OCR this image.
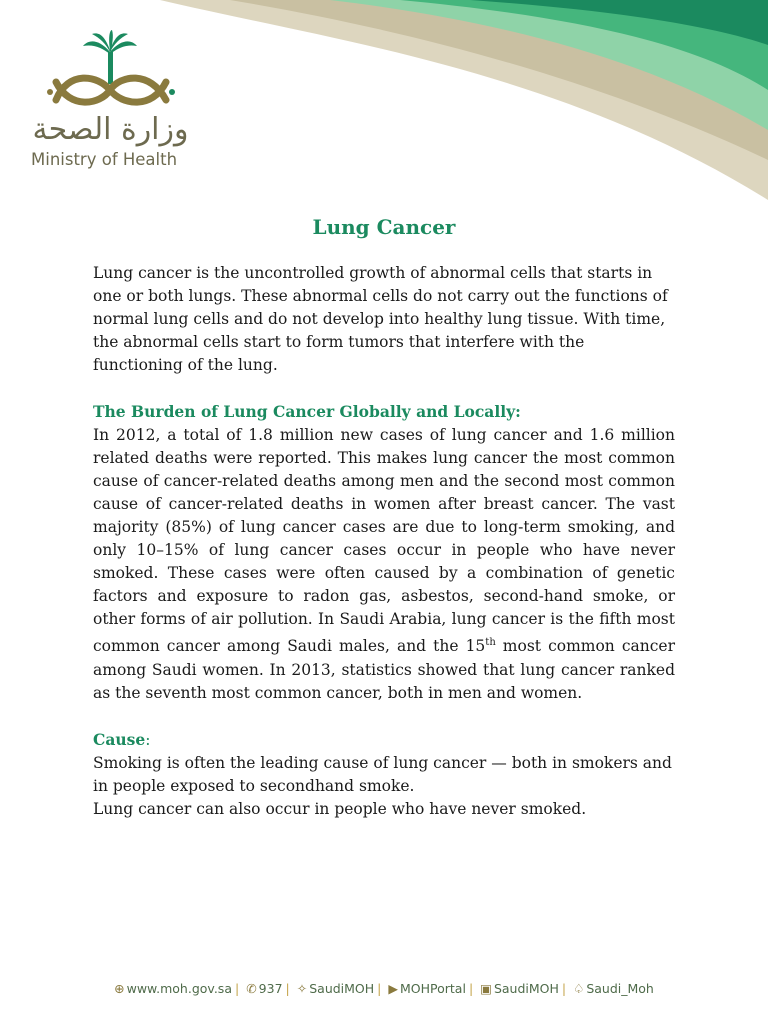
وزارة الصحة
Ministry of Health
Lung Cancer

Lung cancer is the uncontrolled growth of abnormal cells that starts in one or both lungs. These abnormal cells do not carry out the functions of normal lung cells and do not develop into healthy lung tissue. With time, the abnormal cells start to form tumors that interfere with the functioning of the lung.

The Burden of Lung Cancer Globally and Locally:

In 2012, a total of 1.8 million new cases of lung cancer and 1.6 million related deaths were reported. This makes lung cancer the most common cause of cancer-related deaths among men and the second most common cause of cancer-related deaths in women after breast cancer. The vast majority (85%) of lung cancer cases are due to long-term smoking, and only 10–15% of lung cancer cases occur in people who have never smoked. These cases were often caused by a combination of genetic factors and exposure to radon gas, asbestos, second-hand smoke, or other forms of air pollution. In Saudi Arabia, lung cancer is the fifth most common cancer among Saudi males, and the 15th most common cancer among Saudi women. In 2013, statistics showed that lung cancer ranked as the seventh most common cancer, both in men and women.

Cause:

Smoking is often the leading cause of lung cancer — both in smokers and in people exposed to secondhand smoke.

Lung cancer can also occur in people who have never smoked.

⊕ www.moh.gov.sa | ✆ 937 | ✧ SaudiMOH | ▶ MOHPortal | ▣ SaudiMOH | ♤ Saudi_Moh
